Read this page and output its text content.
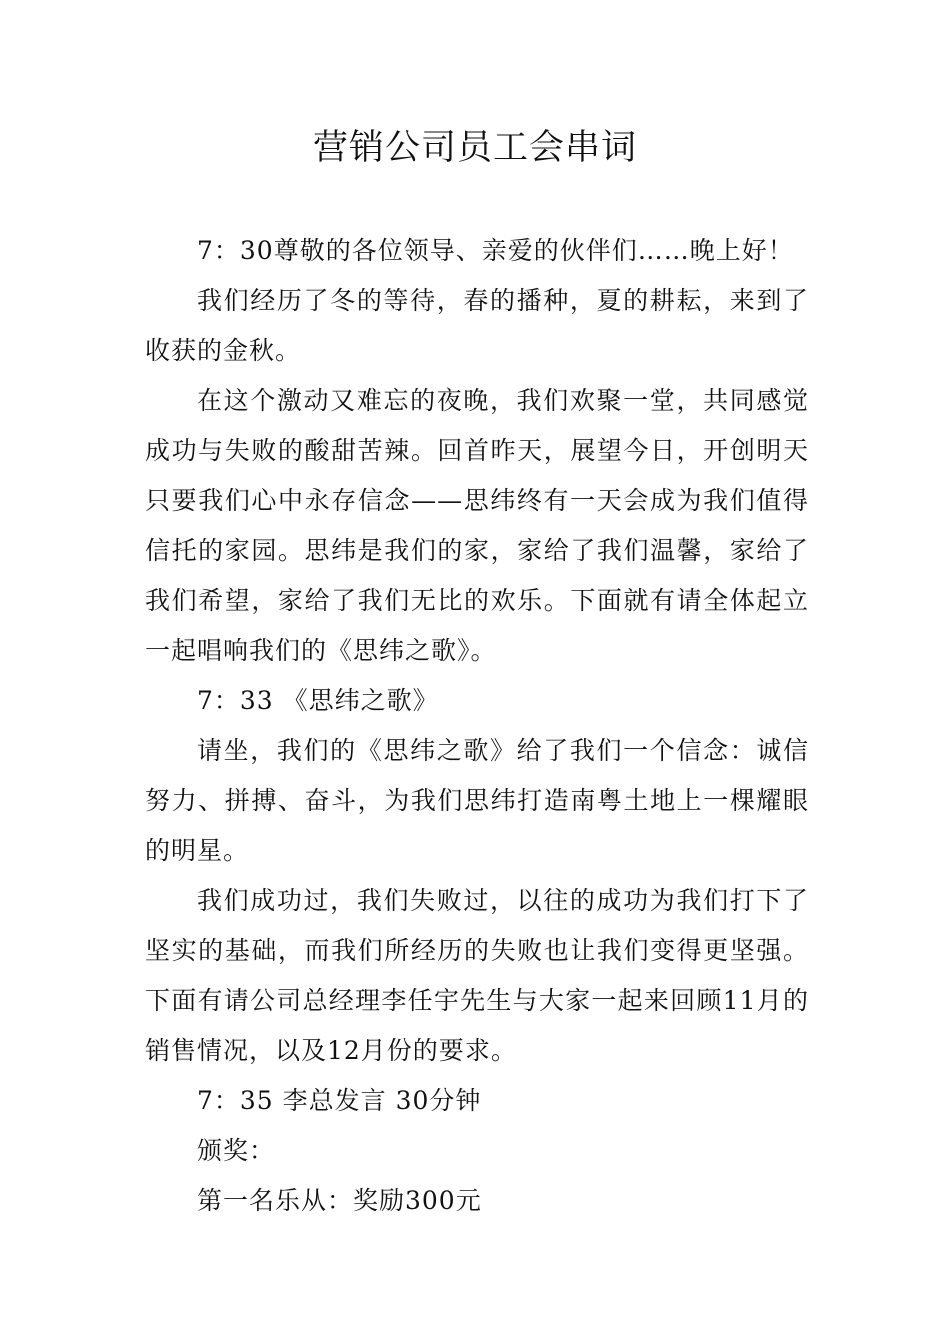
营销公司员工会串词

7：30尊敬的各位领导、亲爱的伙伴们……晚上好！

我们经历了冬的等待，春的播种，夏的耕耘，来到了收获的金秋。

在这个激动又难忘的夜晚，我们欢聚一堂，共同感觉成功与失败的酸甜苦辣。回首昨天，展望今日，开创明天只要我们心中永存信念——思纬终有一天会成为我们值得信托的家园。思纬是我们的家，家给了我们温馨，家给了我们希望，家给了我们无比的欢乐。下面就有请全体起立一起唱响我们的《思纬之歌》。

7：33 《思纬之歌》

请坐，我们的《思纬之歌》给了我们一个信念：诚信努力、拼搏、奋斗，为我们思纬打造南粤土地上一棵耀眼的明星。

我们成功过，我们失败过，以往的成功为我们打下了坚实的基础，而我们所经历的失败也让我们变得更坚强。下面有请公司总经理李任宇先生与大家一起来回顾11月的销售情况，以及12月份的要求。

7：35 李总发言 30分钟

颁奖：

第一名乐从：奖励300元
